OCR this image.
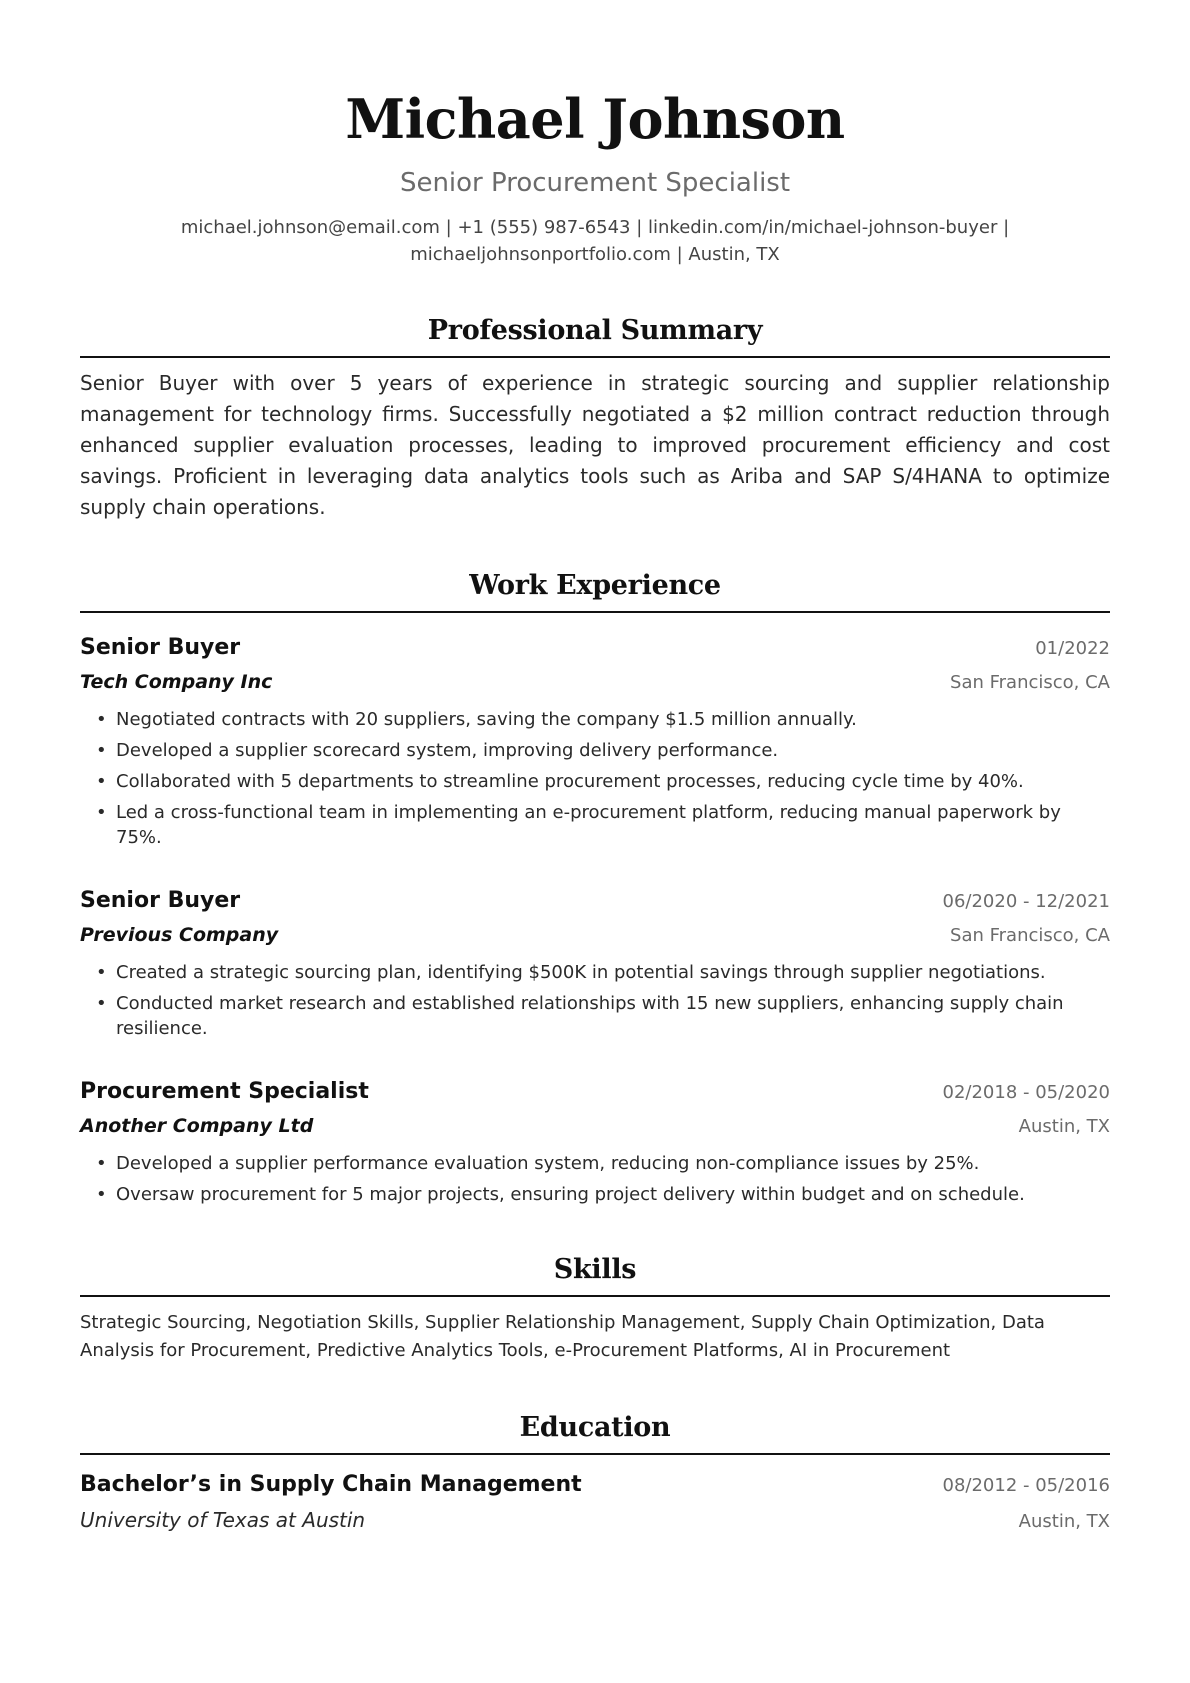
Michael Johnson
Senior Procurement Specialist
michael.johnson@email.com | +1 (555) 987-6543 | linkedin.com/in/michael-johnson-buyer |
michaeljohnsonportfolio.com | Austin, TX
Professional Summary

Senior Buyer with over 5 years of experience in strategic sourcing and supplier relationship management for technology firms. Successfully negotiated a $2 million contract reduction through enhanced supplier evaluation processes, leading to improved procurement efficiency and cost savings. Proficient in leveraging data analytics tools such as Ariba and SAP S/4HANA to optimize supply chain operations.

Work Experience
Senior Buyer	01/2022
Tech Company Inc	San Francisco, CA
• Negotiated contracts with 20 suppliers, saving the company $1.5 million annually.
• Developed a supplier scorecard system, improving delivery performance.
• Collaborated with 5 departments to streamline procurement processes, reducing cycle time by 40%.
• Led a cross-functional team in implementing an e-procurement platform, reducing manual paperwork by 75%.
Senior Buyer	06/2020 - 12/2021
Previous Company	San Francisco, CA
• Created a strategic sourcing plan, identifying $500K in potential savings through supplier negotiations.
• Conducted market research and established relationships with 15 new suppliers, enhancing supply chain resilience.
Procurement Specialist	02/2018 - 05/2020
Another Company Ltd	Austin, TX
• Developed a supplier performance evaluation system, reducing non-compliance issues by 25%.
• Oversaw procurement for 5 major projects, ensuring project delivery within budget and on schedule.
Skills

Strategic Sourcing, Negotiation Skills, Supplier Relationship Management, Supply Chain Optimization, Data Analysis for Procurement, Predictive Analytics Tools, e-Procurement Platforms, AI in Procurement

Education
Bachelor’s in Supply Chain Management	08/2012 - 05/2016
University of Texas at Austin	Austin, TX
